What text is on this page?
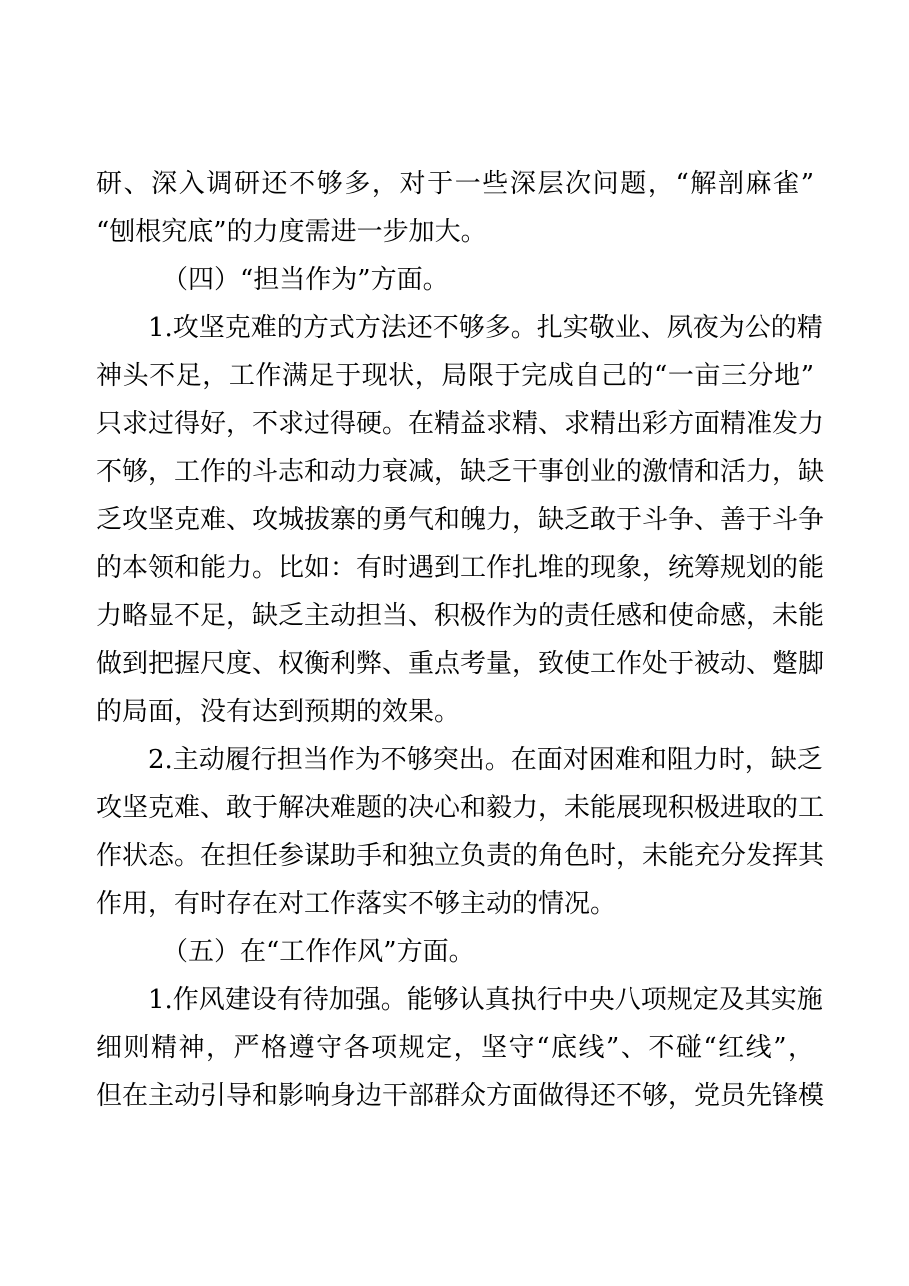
研、深入调研还不够多，对于一些深层次问题，“解剖麻雀”
“刨根究底”的力度需进一步加大。
（四）“担当作为”方面。
1.攻坚克难的方式方法还不够多。扎实敬业、夙夜为公的精
神头不足，工作满足于现状，局限于完成自己的“一亩三分地”
只求过得好，不求过得硬。在精益求精、求精出彩方面精准发力
不够，工作的斗志和动力衰减，缺乏干事创业的激情和活力，缺
乏攻坚克难、攻城拔寨的勇气和魄力，缺乏敢于斗争、善于斗争
的本领和能力。比如：有时遇到工作扎堆的现象，统筹规划的能
力略显不足，缺乏主动担当、积极作为的责任感和使命感，未能
做到把握尺度、权衡利弊、重点考量，致使工作处于被动、蹩脚
的局面，没有达到预期的效果。
2.主动履行担当作为不够突出。在面对困难和阻力时，缺乏
攻坚克难、敢于解决难题的决心和毅力，未能展现积极进取的工
作状态。在担任参谋助手和独立负责的角色时，未能充分发挥其
作用，有时存在对工作落实不够主动的情况。
（五）在“工作作风”方面。
1.作风建设有待加强。能够认真执行中央八项规定及其实施
细则精神，严格遵守各项规定，坚守“底线”、不碰“红线”，
但在主动引导和影响身边干部群众方面做得还不够，党员先锋模
